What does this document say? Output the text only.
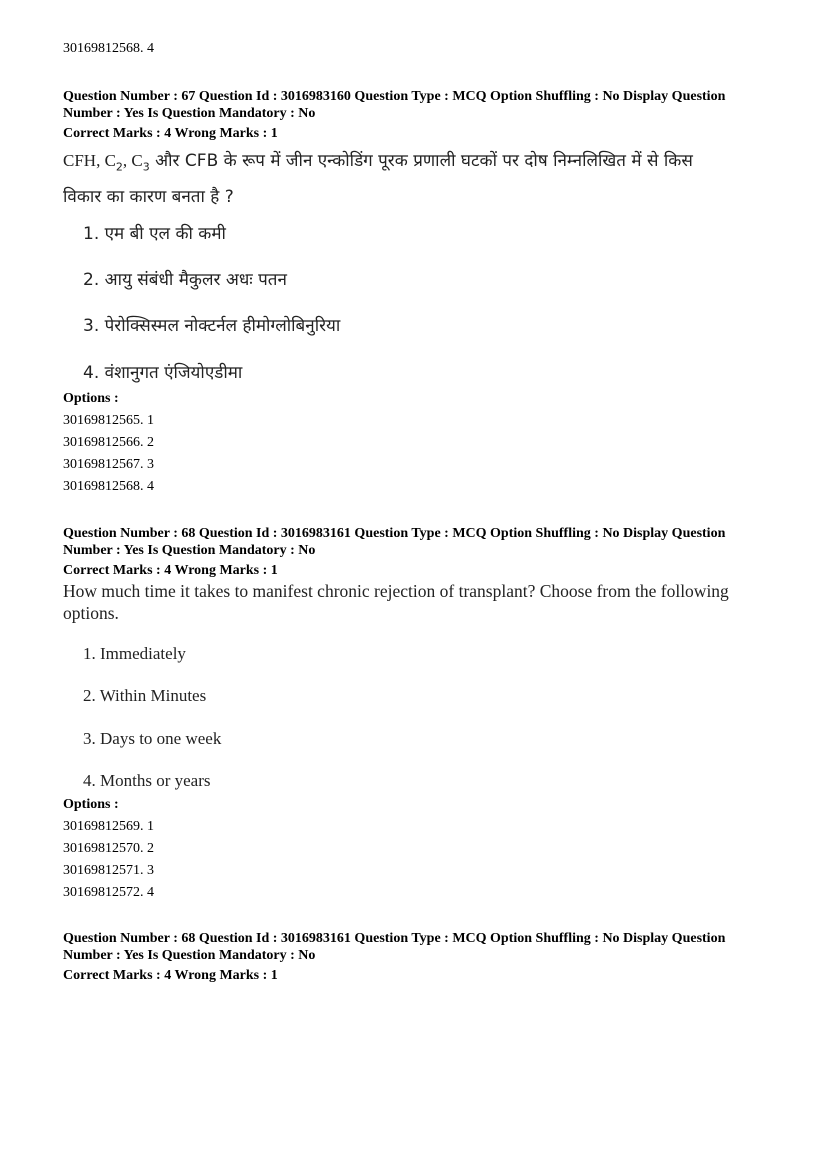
30169812568. 4
Question Number : 67 Question Id : 3016983160 Question Type : MCQ Option Shuffling : No Display Question
Number : Yes Is Question Mandatory : No
Correct Marks : 4 Wrong Marks : 1
CFH, $C_2$, $C_3$ और CFB के रूप में जीन एन्कोडिंग पूरक प्रणाली घटकों पर दोष निम्नलिखित में से किस
विकार का कारण बनता है ?
1. एम बी एल की कमी
2. आयु संबंधी मैकुलर अधः पतन
3. पेरोक्सिस्मल नोक्टर्नल हीमोग्लोबिनुरिया
4. वंशानुगत एंजियोएडीमा
Options :
30169812565. 1
30169812566. 2
30169812567. 3
30169812568. 4
Question Number : 68 Question Id : 3016983161 Question Type : MCQ Option Shuffling : No Display Question
Number : Yes Is Question Mandatory : No
Correct Marks : 4 Wrong Marks : 1
How much time it takes to manifest chronic rejection of transplant? Choose from the following
options.
1. Immediately
2. Within Minutes
3. Days to one week
4. Months or years
Options :
30169812569. 1
30169812570. 2
30169812571. 3
30169812572. 4
Question Number : 68 Question Id : 3016983161 Question Type : MCQ Option Shuffling : No Display Question
Number : Yes Is Question Mandatory : No
Correct Marks : 4 Wrong Marks : 1
